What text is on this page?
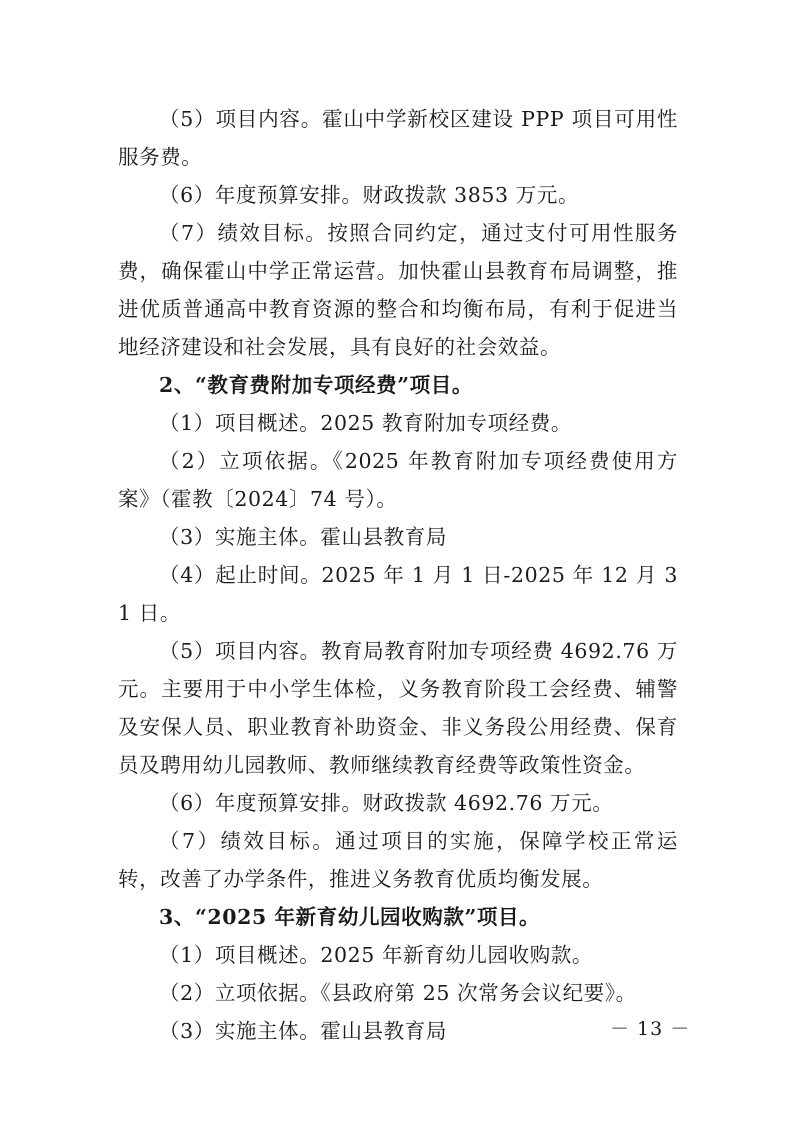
（5）项目内容。霍山中学新校区建设 PPP 项目可用性服务费。

（6）年度预算安排。财政拨款 3853 万元。

（7）绩效目标。按照合同约定，通过支付可用性服务费，确保霍山中学正常运营。加快霍山县教育布局调整，推进优质普通高中教育资源的整合和均衡布局，有利于促进当地经济建设和社会发展，具有良好的社会效益。

2、“教育费附加专项经费”项目。

（1）项目概述。2025 教育附加专项经费。

（2）立项依据。《2025 年教育附加专项经费使用方案》（霍教〔2024〕74 号）。

（3）实施主体。霍山县教育局

（4）起止时间。2025 年 1 月 1 日-2025 年 12 月 31 日。

（5）项目内容。教育局教育附加专项经费 4692.76 万元。主要用于中小学生体检，义务教育阶段工会经费、辅警及安保人员、职业教育补助资金、非义务段公用经费、保育员及聘用幼儿园教师、教师继续教育经费等政策性资金。

（6）年度预算安排。财政拨款 4692.76 万元。

（7）绩效目标。通过项目的实施，保障学校正常运转，改善了办学条件，推进义务教育优质均衡发展。

3、“2025 年新育幼儿园收购款”项目。

（1）项目概述。2025 年新育幼儿园收购款。

（2）立项依据。《县政府第 25 次常务会议纪要》。

（3）实施主体。霍山县教育局	－ 13 －
